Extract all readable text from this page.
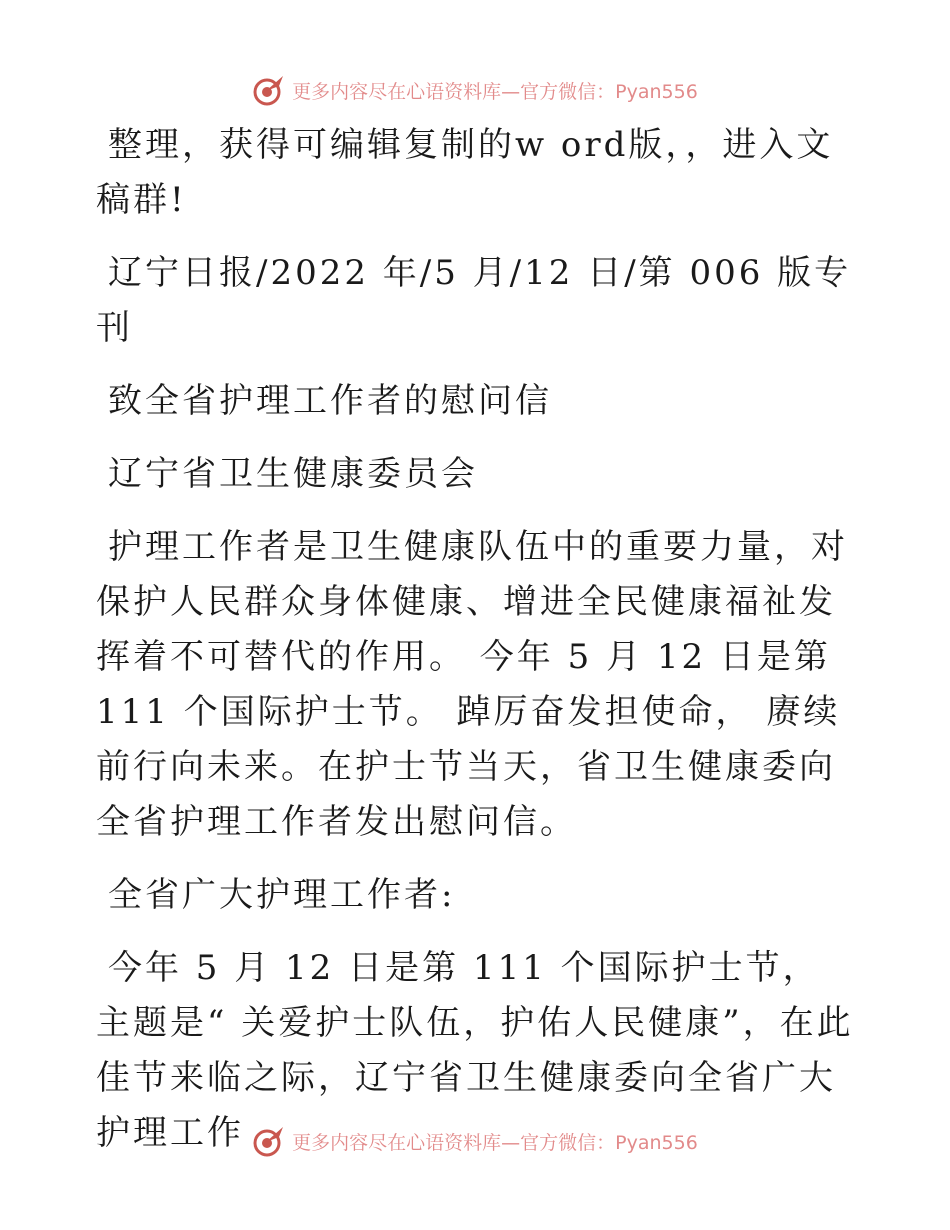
更多内容尽在心语资料库—官方微信：Pyan556

整理，获得可编辑复制的w ord版，，进入文稿群!

辽宁日报/2022 年/5 月/12 日/第 006 版专刊

致全省护理工作者的慰问信

辽宁省卫生健康委员会

护理工作者是卫生健康队伍中的重要力量，对保护人民群众身体健康、增进全民健康福祉发挥着不可替代的作用。 今年 5 月 12 日是第 111 个国际护士节。 踔厉奋发担使命， 赓续前行向未来。在护士节当天，省卫生健康委向全省护理工作者发出慰问信。

全省广大护理工作者:

今年 5 月 12 日是第 111 个国际护士节，主题是“ 关爱护士队伍，护佑人民健康”，在此佳节来临之际，辽宁省卫生健康委向全省广大护理工作	更多内容尽在心语资料库—官方微信：Pyan556
